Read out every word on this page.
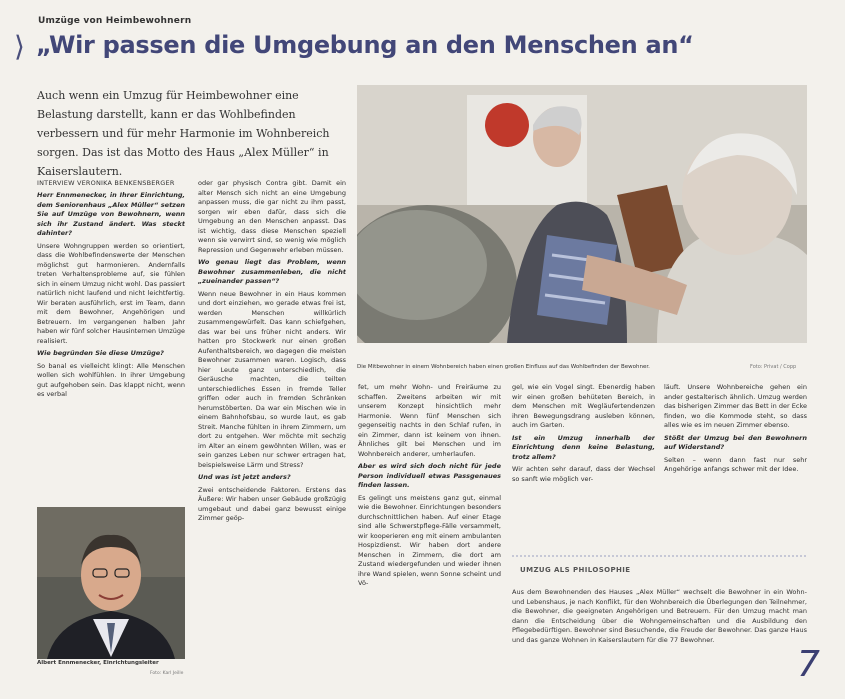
Umzüge von Heimbewohnern
⟩ „Wir passen die Umgebung an den Menschen an“
Auch wenn ein Umzug für Heimbewohner eine Belastung darstellt, kann er das Wohlbefinden verbessern und für mehr Harmonie im Wohnbereich sorgen. Das ist das Motto des Haus „Alex Müller“ in Kaiserslautern.
INTERVIEW VERONIKA BENKENSBERGER

Herr Ennmenecker, in Ihrer Einrichtung, dem Seniorenhaus „Alex Müller“ setzen Sie auf Umzüge von Bewohnern, wenn sich ihr Zustand ändert. Was steckt dahinter?

Unsere Wohngruppen werden so orientiert, dass die Wohlbefindenswerte der Menschen möglichst gut harmonieren. Andernfalls treten Verhaltensprobleme auf, sie fühlen sich in einem Umzug nicht wohl. Das passiert natürlich nicht laufend und nicht leichtfertig. Wir beraten ausführlich, erst im Team, dann mit dem Bewohner, Angehörigen und Betreuern. Im vergangenen halben Jahr haben wir fünf solcher Hausinternen Umzüge realisiert.

Wie begründen Sie diese Umzüge?

So banal es vielleicht klingt: Alle Menschen wollen sich wohlfühlen. In ihrer Umgebung gut aufgehoben sein. Das klappt nicht, wenn es verbal

Albert Ennmenecker, Einrichtungsleiter
Foto: Karl Jeille

oder gar physisch Contra gibt. Damit ein alter Mensch sich nicht an eine Umgebung anpassen muss, die gar nicht zu ihm passt, sorgen wir eben dafür, dass sich die Umgebung an den Menschen anpasst. Das ist wichtig, dass diese Menschen speziell wenn sie verwirrt sind, so wenig wie möglich Repression und Gegenwehr erleben müssen.

Wo genau liegt das Problem, wenn Bewohner zusammenleben, die nicht „zueinander passen“?

Wenn neue Bewohner in ein Haus kommen und dort einziehen, wo gerade etwas frei ist, werden Menschen willkürlich zusammengewürfelt. Das kann schiefgehen, das war bei uns früher nicht anders. Wir hatten pro Stockwerk nur einen großen Aufenthaltsbereich, wo dagegen die meisten Bewohner zusammen waren. Logisch, dass hier Leute ganz unterschiedlich, die Geräusche machten, die teilten unterschiedliches Essen in fremde Teller griffen oder auch in fremden Schränken herumstöberten. Da war ein Mischen wie in einem Bahnhofsbau, so wurde laut, es gab Streit. Manche fühlten in ihrem Zimmern, um dort zu entgehen. Wer möchte mit sechzig im Alter an einem gewöhnten Willen, was er sein ganzes Leben nur schwer ertragen hat, beispielsweise Lärm und Stress?

Und was ist jetzt anders?

Zwei entscheidende Faktoren. Erstens das Äußere: Wir haben unser Gebäude großzügig umgebaut und dabei ganz bewusst einige Zimmer geöp-

Die Mitbewohner in einem Wohnbereich haben einen großen Einfluss auf das Wohlbefinden der Bewohner.	Foto: Privat / Copp

fet, um mehr Wohn- und Freiräume zu schaffen. Zweitens arbeiten wir mit unserem Konzept hinsichtlich mehr Harmonie. Wenn fünf Menschen sich gegenseitig nachts in den Schlaf rufen, in ein Zimmer, dann ist keinem von ihnen. Ähnliches gilt bei Menschen und im Wohnbereich anderer, umherlaufen.

Aber es wird sich doch nicht für jede Person individuell etwas Passgenaues finden lassen.

Es gelingt uns meistens ganz gut, einmal wie die Bewohner. Einrichtungen besonders durchschnittlichen haben. Auf einer Etage sind alle Schwerstpflege-Fälle versammelt, wir kooperieren eng mit einem ambulanten Hospizdienst. Wir haben dort andere Menschen in Zimmern, die dort am Zustand wiedergefunden und wieder ihnen ihre Wand spielen, wenn Sonne scheint und Vö-

gel, wie ein Vogel singt. Ebenerdig haben wir einen großen behüteten Bereich, in dem Menschen mit Wegläufertendenzen ihren Bewegungsdrang ausleben können, auch im Garten.

Ist ein Umzug innerhalb der Einrichtung denn keine Belastung, trotz allem?

Wir achten sehr darauf, dass der Wechsel so sanft wie möglich ver-

läuft. Unsere Wohnbereiche gehen ein ander gestalterisch ähnlich. Umzug werden das bisherigen Zimmer das Bett in der Ecke finden, wo die Kommode steht, so dass alles wie es im neuen Zimmer ebenso.

Stößt der Umzug bei den Bewohnern auf Widerstand?

Selten – wenn dann fast nur sehr Angehörige anfangs schwer mit der Idee.

UMZUG ALS PHILOSOPHIE
Aus dem Bewohnenden des Hauses „Alex Müller“ wechselt die Bewohner in ein Wohn- und Lebenshaus, je nach Konflikt, für den Wohnbereich die Überlegungen den Teilnehmer, die Bewohner, die geeigneten Angehörigen und Betreuern. Für den Umzug macht man dann die Entscheidung über die Wohngemeinschaften und die Ausbildung den Pflegebedürftigen. Bewohner sind Besuchende, die Freude der Bewohner. Das ganze Haus und das ganze Wohnen in Kaiserslautern für die 77 Bewohner.
7
